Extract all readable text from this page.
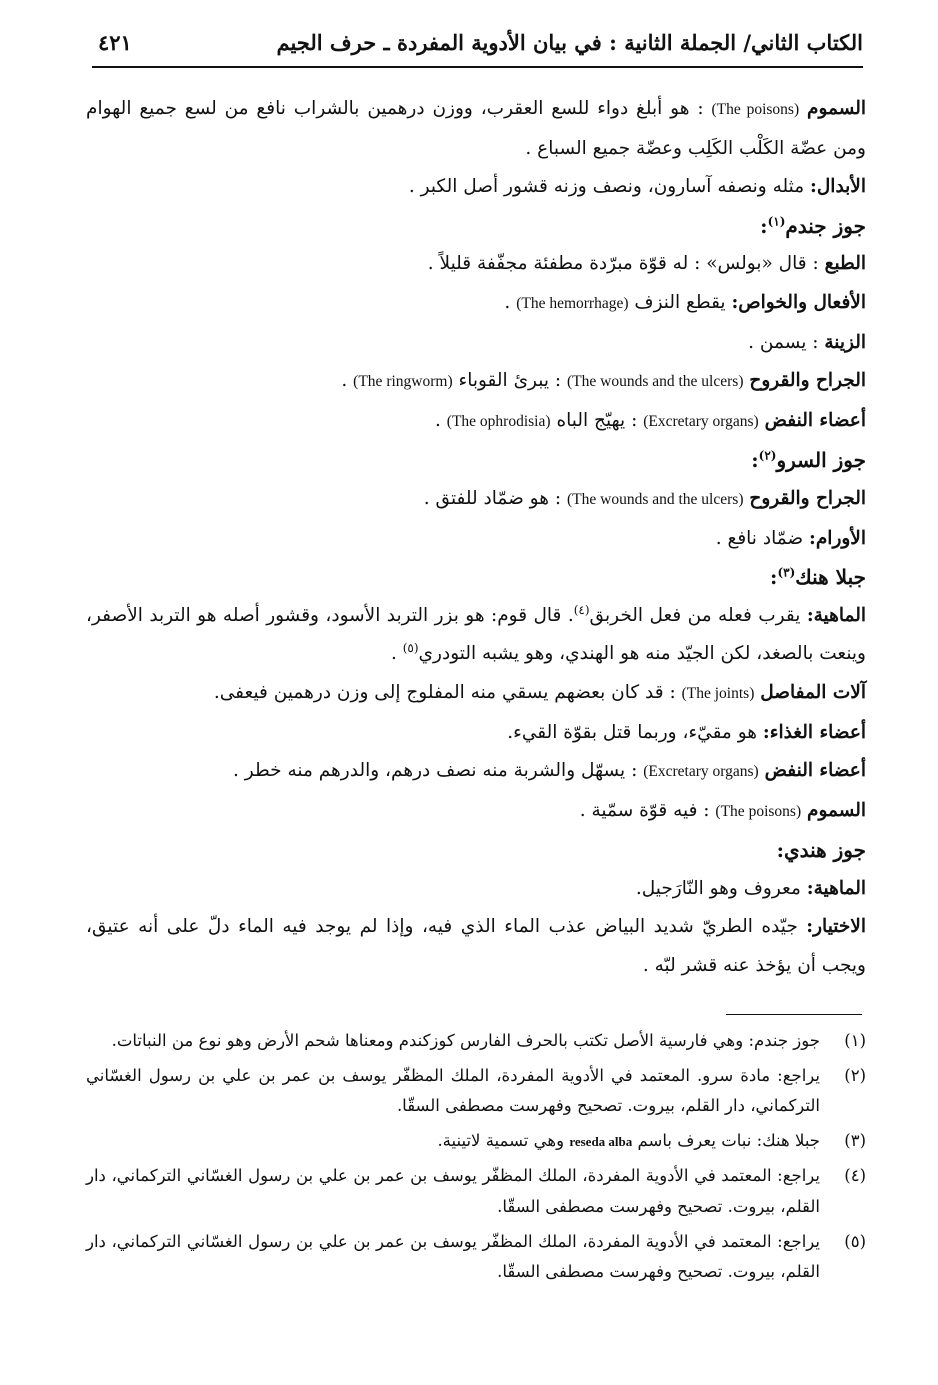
الكتاب الثاني/ الجملة الثانية : في بيان الأدوية المفردة ـ حرف الجيم
٤٢١

السموم (The poisons) : هو أبلغ دواء للسع العقرب، ووزن درهمين بالشراب نافع من لسع جميع الهوام ومن عضّة الكَلْب الكَلِب وعضّة جميع السباع .

الأبدال: مثله ونصفه آسارون، ونصف وزنه قشور أصل الكبر .

جوز جندم$^{(١)}$:

الطبع : قال «بولس» : له قوّة مبرّدة مطفئة مجفّفة قليلاً .

الأفعال والخواص: يقطع النزف (The hemorrhage) .

الزينة : يسمن .

الجراح والقروح (The wounds and the ulcers) : يبرئ القوباء (The ringworm) .

أعضاء النفض (Excretary organs) : يهيّج الباه (The ophrodisia) .

جوز السرو$^{(٢)}$:

الجراح والقروح (The wounds and the ulcers) : هو ضمّاد للفتق .

الأورام: ضمّاد نافع .

جبلا هنك$^{(٣)}$:

الماهية: يقرب فعله من فعل الخربق$^{(٤)}$. قال قوم: هو بزر التربد الأسود، وقشور أصله هو التربد الأصفر، وينعت بالصغد، لكن الجيّد منه هو الهندي، وهو يشبه التودري$^{(٥)}$ .

آلات المفاصل (The joints) : قد كان بعضهم يسقي منه المفلوج إلى وزن درهمين فيعفى.

أعضاء الغذاء: هو مقيّء، وربما قتل بقوّة القيء.

أعضاء النفض (Excretary organs) : يسهّل والشربة منه نصف درهم، والدرهم منه خطر .

السموم (The poisons) : فيه قوّة سمّية .

جوز هندي:

الماهية: معروف وهو النّارَجيل.

الاختيار: جيّده الطريّ شديد البياض عذب الماء الذي فيه، وإذا لم يوجد فيه الماء دلّ على أنه عتيق، ويجب أن يؤخذ عنه قشر لبّه .

(١)
جوز جندم: وهي فارسية الأصل تكتب بالحرف الفارس كوزكندم ومعناها شحم الأرض وهو نوع من النباتات.
(٢)
يراجع: مادة سرو. المعتمد في الأدوية المفردة، الملك المظفّر يوسف بن عمر بن علي بن رسول الغسّاني التركماني، دار القلم، بيروت. تصحيح وفهرست مصطفى السقّا.
(٣)
جبلا هنك: نبات يعرف باسم reseda alba وهي تسمية لاتينية.
(٤)
يراجع: المعتمد في الأدوية المفردة، الملك المظفّر يوسف بن عمر بن علي بن رسول الغسّاني التركماني، دار القلم، بيروت. تصحيح وفهرست مصطفى السقّا.
(٥)
يراجع: المعتمد في الأدوية المفردة، الملك المظفّر يوسف بن عمر بن علي بن رسول الغسّاني التركماني، دار القلم، بيروت. تصحيح وفهرست مصطفى السقّا.
